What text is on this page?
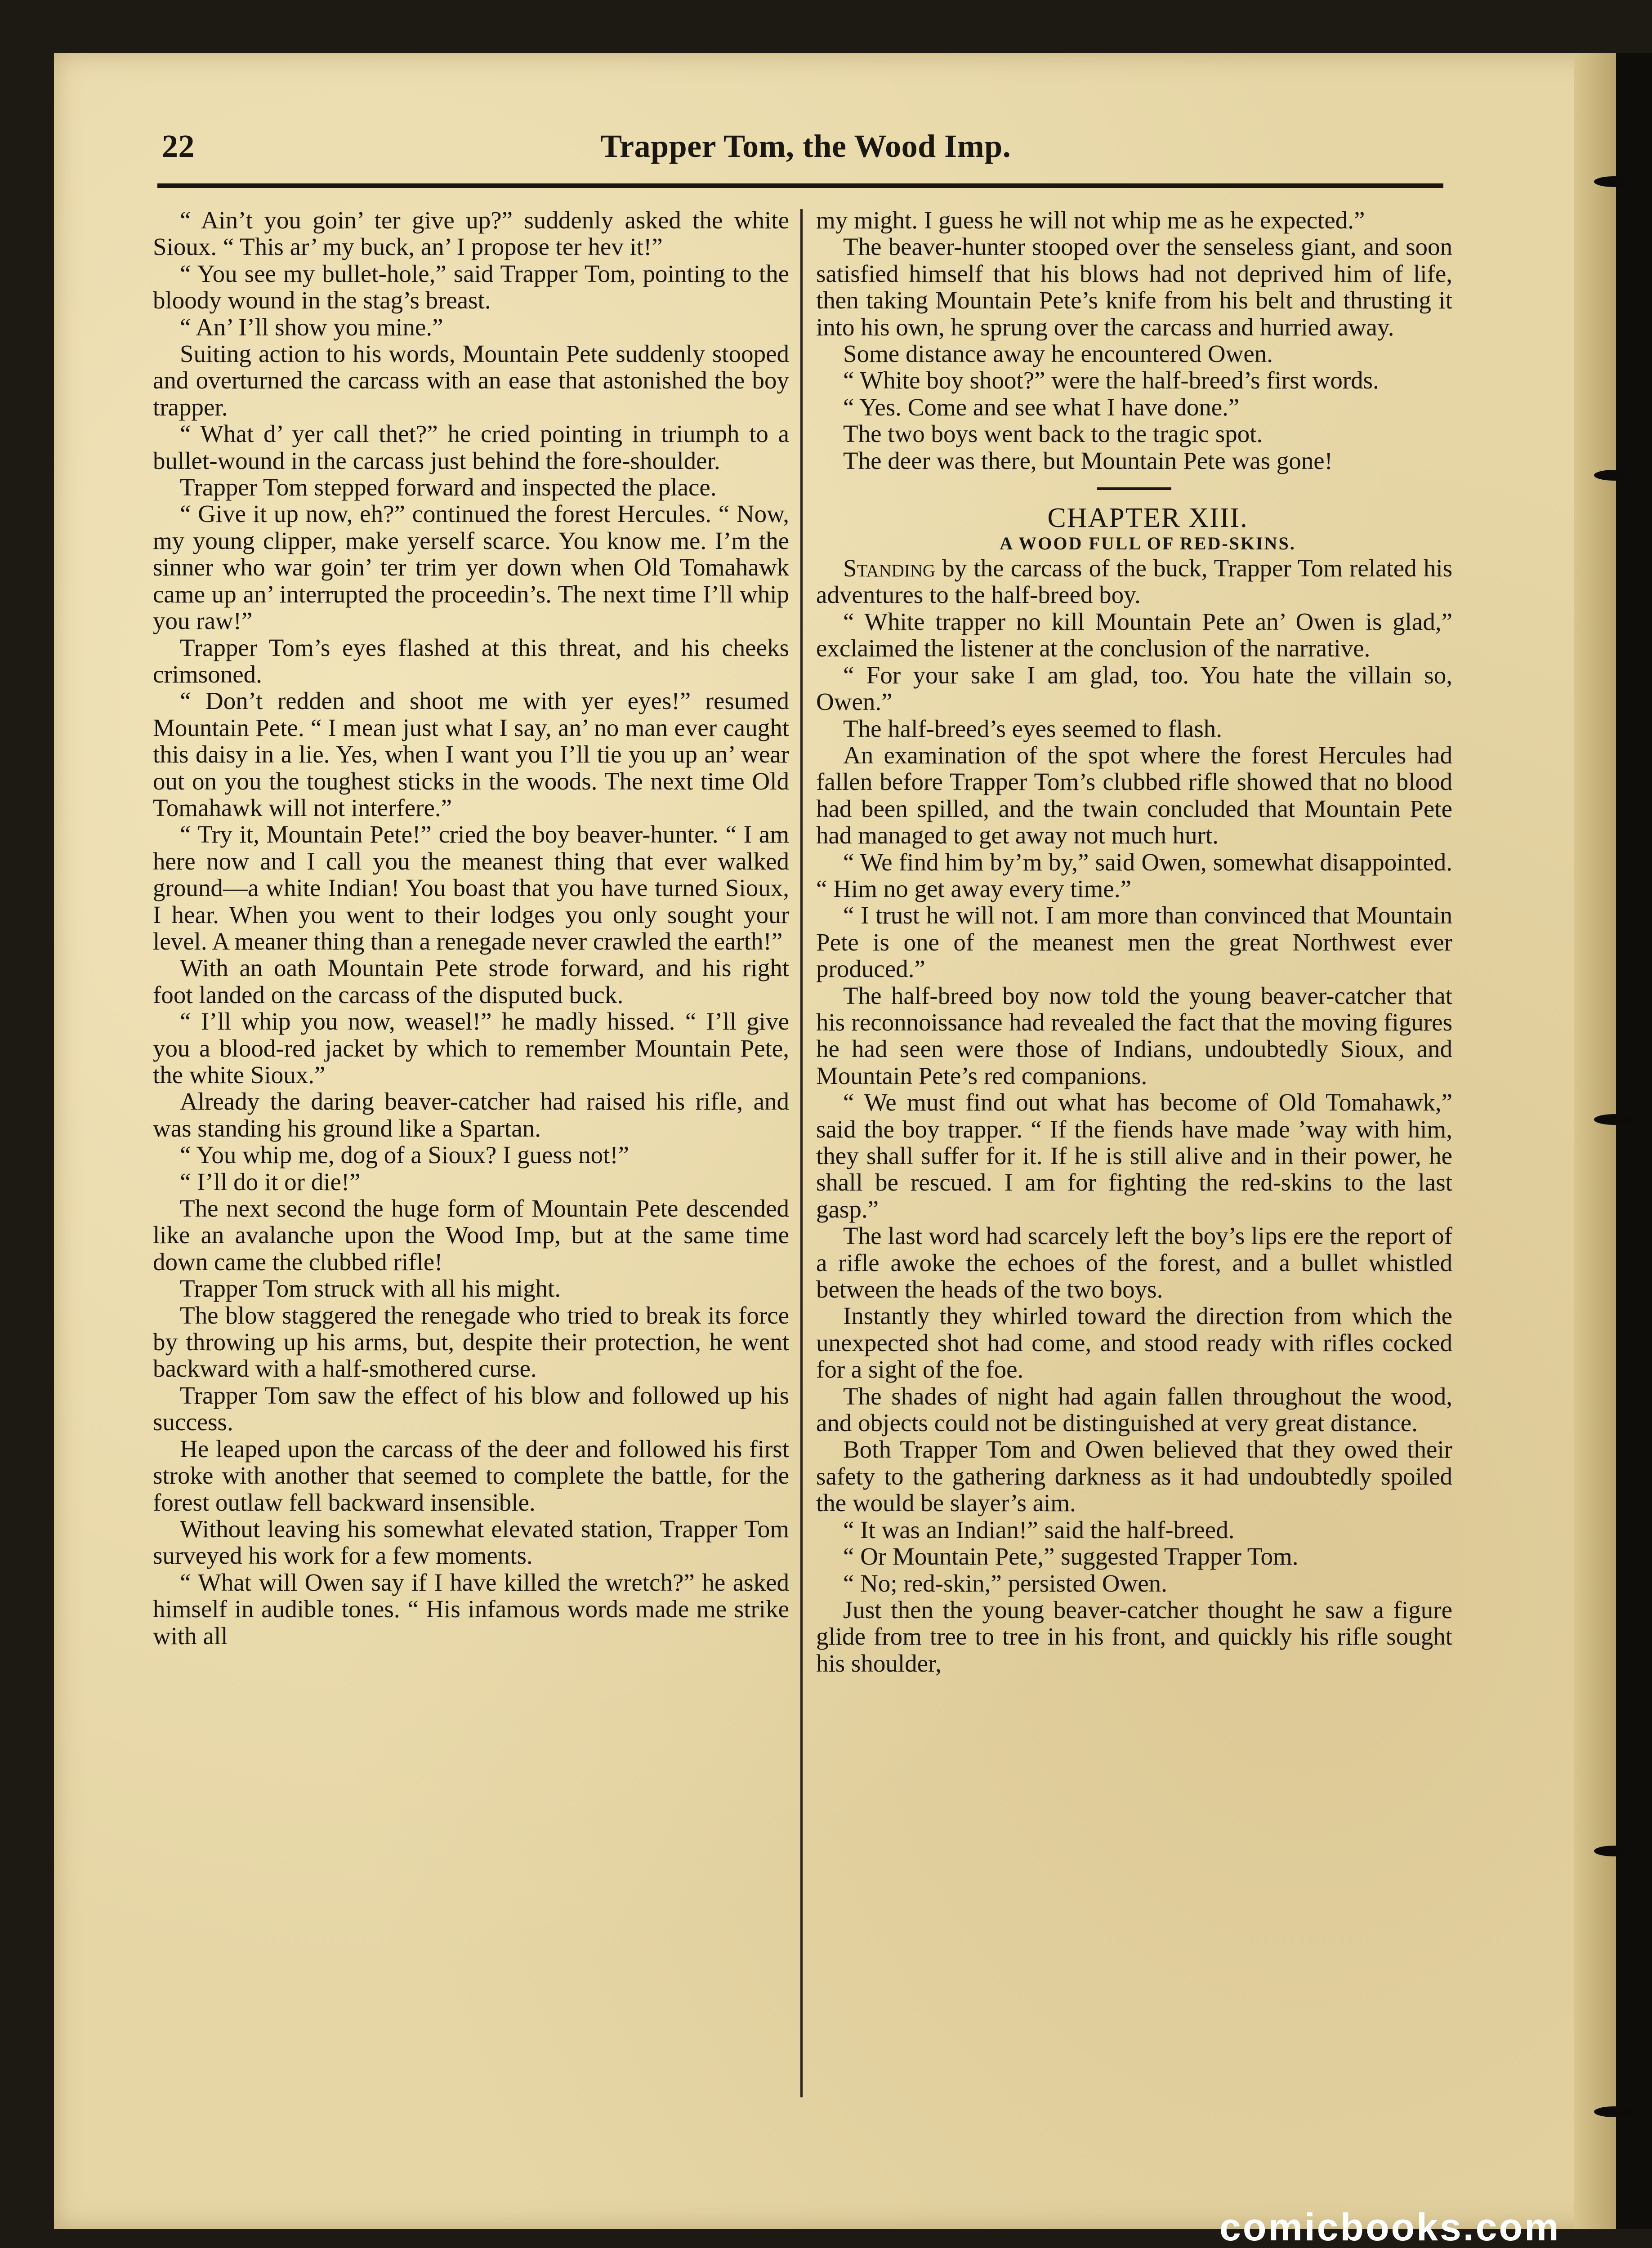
22	Trapper Tom, the Wood Imp.

“ Ain’t you goin’ ter give up?” suddenly asked the white Sioux. “ This ar’ my buck, an’ I propose ter hev it!”

“ You see my bullet-hole,” said Trapper Tom, pointing to the bloody wound in the stag’s breast.

“ An’ I’ll show you mine.”

Suiting action to his words, Mountain Pete suddenly stooped and overturned the carcass with an ease that astonished the boy trapper.

“ What d’ yer call thet?” he cried pointing in triumph to a bullet-wound in the carcass just behind the fore-shoulder.

Trapper Tom stepped forward and inspected the place.

“ Give it up now, eh?” continued the forest Hercules. “ Now, my young clipper, make yerself scarce. You know me. I’m the sinner who war goin’ ter trim yer down when Old Tomahawk came up an’ interrupted the proceedin’s. The next time I’ll whip you raw!”

Trapper Tom’s eyes flashed at this threat, and his cheeks crimsoned.

“ Don’t redden and shoot me with yer eyes!” resumed Mountain Pete. “ I mean just what I say, an’ no man ever caught this daisy in a lie. Yes, when I want you I’ll tie you up an’ wear out on you the toughest sticks in the woods. The next time Old Tomahawk will not interfere.”

“ Try it, Mountain Pete!” cried the boy beaver-hunter. “ I am here now and I call you the meanest thing that ever walked ground—a white Indian! You boast that you have turned Sioux, I hear. When you went to their lodges you only sought your level. A meaner thing than a renegade never crawled the earth!”

With an oath Mountain Pete strode forward, and his right foot landed on the carcass of the disputed buck.

“ I’ll whip you now, weasel!” he madly hissed. “ I’ll give you a blood-red jacket by which to remember Mountain Pete, the white Sioux.”

Already the daring beaver-catcher had raised his rifle, and was standing his ground like a Spartan.

“ You whip me, dog of a Sioux? I guess not!”

“ I’ll do it or die!”

The next second the huge form of Mountain Pete descended like an avalanche upon the Wood Imp, but at the same time down came the clubbed rifle!

Trapper Tom struck with all his might.

The blow staggered the renegade who tried to break its force by throwing up his arms, but, despite their protection, he went backward with a half-smothered curse.

Trapper Tom saw the effect of his blow and followed up his success.

He leaped upon the carcass of the deer and followed his first stroke with another that seemed to complete the battle, for the forest outlaw fell backward insensible.

Without leaving his somewhat elevated station, Trapper Tom surveyed his work for a few moments.

“ What will Owen say if I have killed the wretch?” he asked himself in audible tones. “ His infamous words made me strike with all

my might. I guess he will not whip me as he expected.”

The beaver-hunter stooped over the senseless giant, and soon satisfied himself that his blows had not deprived him of life, then taking Mountain Pete’s knife from his belt and thrusting it into his own, he sprung over the carcass and hurried away.

Some distance away he encountered Owen.

“ White boy shoot?” were the half-breed’s first words.

“ Yes. Come and see what I have done.”

The two boys went back to the tragic spot.

The deer was there, but Mountain Pete was gone!

CHAPTER XIII.

A WOOD FULL OF RED-SKINS.

Standing by the carcass of the buck, Trapper Tom related his adventures to the half-breed boy.

“ White trapper no kill Mountain Pete an’ Owen is glad,” exclaimed the listener at the conclusion of the narrative.

“ For your sake I am glad, too. You hate the villain so, Owen.”

The half-breed’s eyes seemed to flash.

An examination of the spot where the forest Hercules had fallen before Trapper Tom’s clubbed rifle showed that no blood had been spilled, and the twain concluded that Mountain Pete had managed to get away not much hurt.

“ We find him by’m by,” said Owen, somewhat disappointed. “ Him no get away every time.”

“ I trust he will not. I am more than convinced that Mountain Pete is one of the meanest men the great Northwest ever produced.”

The half-breed boy now told the young beaver-catcher that his reconnoissance had revealed the fact that the moving figures he had seen were those of Indians, undoubtedly Sioux, and Mountain Pete’s red companions.

“ We must find out what has become of Old Tomahawk,” said the boy trapper. “ If the fiends have made ’way with him, they shall suffer for it. If he is still alive and in their power, he shall be rescued. I am for fighting the red-skins to the last gasp.”

The last word had scarcely left the boy’s lips ere the report of a rifle awoke the echoes of the forest, and a bullet whistled between the heads of the two boys.

Instantly they whirled toward the direction from which the unexpected shot had come, and stood ready with rifles cocked for a sight of the foe.

The shades of night had again fallen throughout the wood, and objects could not be distinguished at very great distance.

Both Trapper Tom and Owen believed that they owed their safety to the gathering darkness as it had undoubtedly spoiled the would be slayer’s aim.

“ It was an Indian!” said the half-breed.

“ Or Mountain Pete,” suggested Trapper Tom.

“ No; red-skin,” persisted Owen.

Just then the young beaver-catcher thought he saw a figure glide from tree to tree in his front, and quickly his rifle sought his shoulder,

comicbooks.com
